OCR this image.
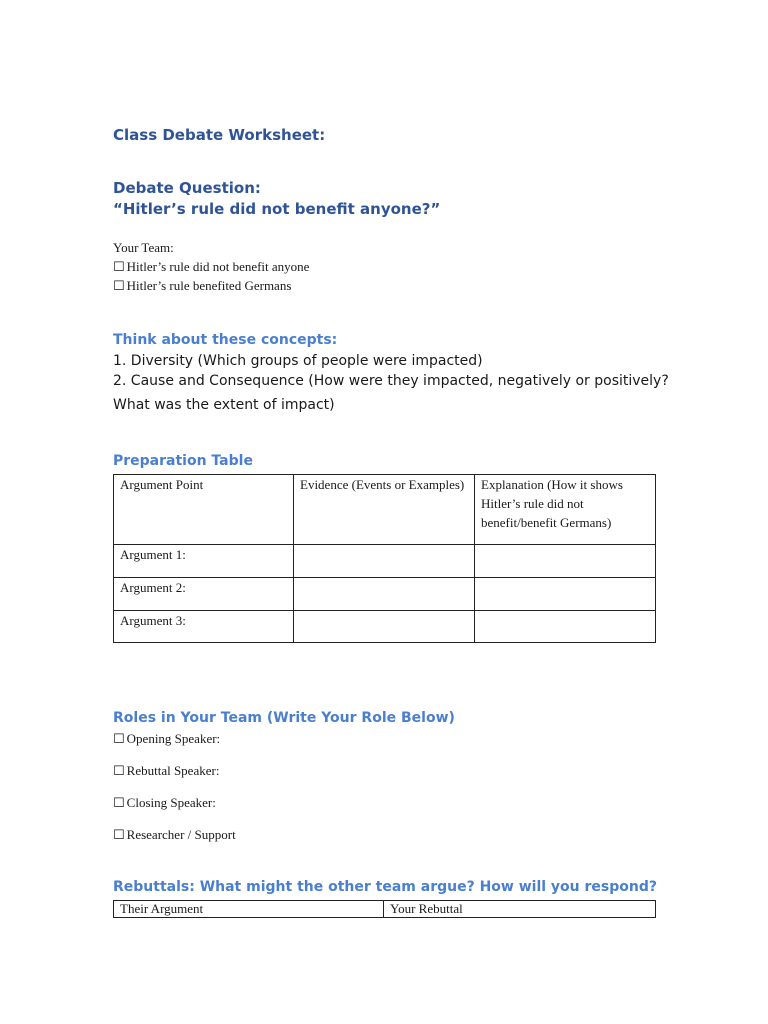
Class Debate Worksheet:
Debate Question:
“Hitler’s rule did not benefit anyone?”
Your Team:
☐ Hitler’s rule did not benefit anyone
☐ Hitler’s rule benefited Germans
Think about these concepts:
1. Diversity (Which groups of people were impacted)
2. Cause and Consequence (How were they impacted, negatively or positively?
What was the extent of impact)
Preparation Table
Argument Point	Evidence (Events or Examples)	Explanation (How it shows Hitler’s rule did not benefit/benefit Germans)
Argument 1:		
Argument 2:		
Argument 3:		
Roles in Your Team (Write Your Role Below)
☐ Opening Speaker:
☐ Rebuttal Speaker:
☐ Closing Speaker:
☐ Researcher / Support
Rebuttals: What might the other team argue? How will you respond?
Their Argument	Your Rebuttal
